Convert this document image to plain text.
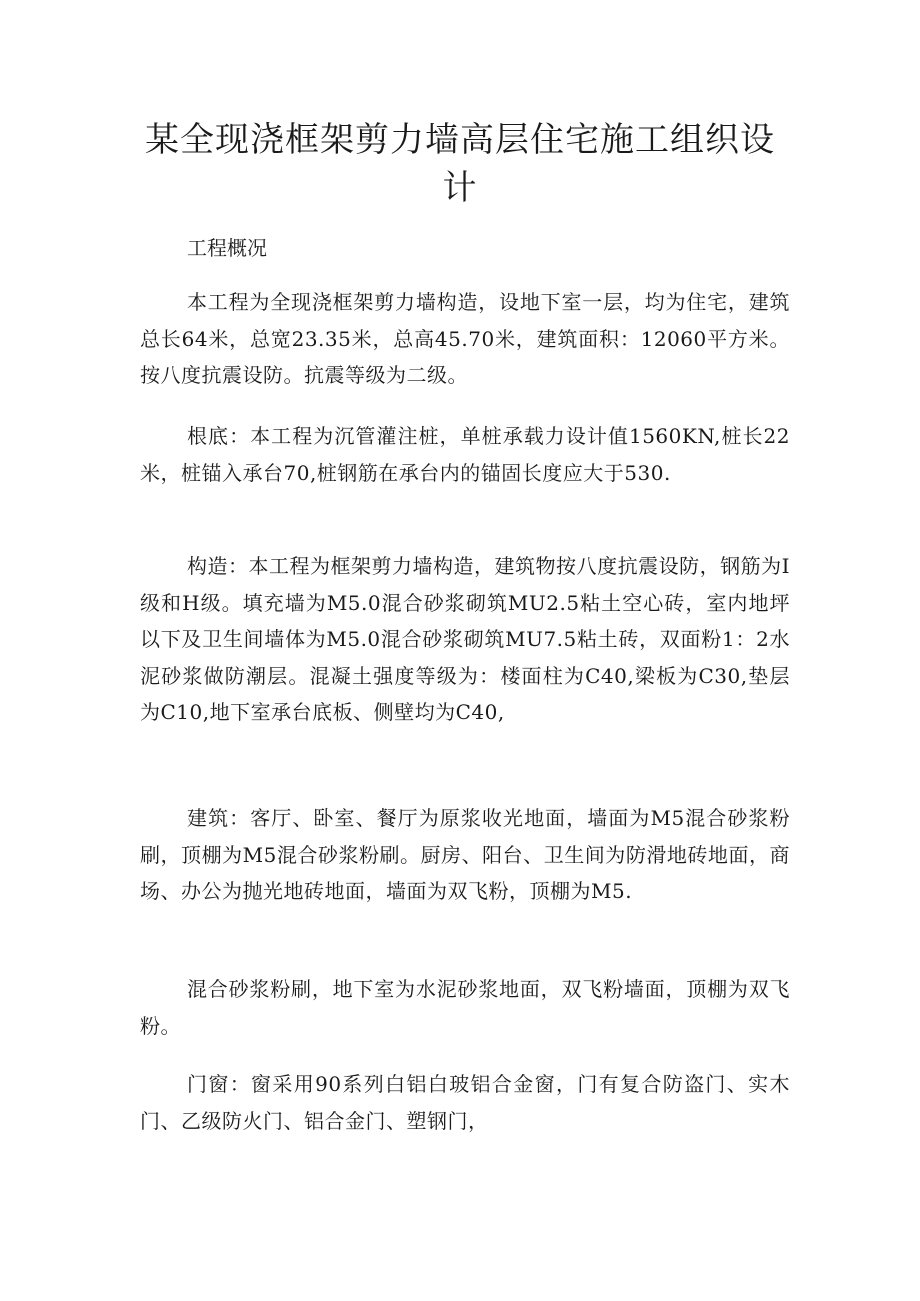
某全现浇框架剪力墙高层住宅施工组织设计
工程概况

本工程为全现浇框架剪力墙构造，设地下室一层，均为住宅，建筑总长64米，总宽23.35米，总高45.70米，建筑面积：12060平方米。按八度抗震设防。抗震等级为二级。

根底：本工程为沉管灌注桩，单桩承载力设计值1560KN,桩长22米，桩锚入承台70,桩钢筋在承台内的锚固长度应大于530.

构造：本工程为框架剪力墙构造，建筑物按八度抗震设防，钢筋为I级和H级。填充墙为M5.0混合砂浆砌筑MU2.5粘土空心砖，室内地坪以下及卫生间墙体为M5.0混合砂浆砌筑MU7.5粘土砖，双面粉1：2水泥砂浆做防潮层。混凝土强度等级为：楼面柱为C40,梁板为C30,垫层为C10,地下室承台底板、侧壁均为C40,

建筑：客厅、卧室、餐厅为原浆收光地面，墙面为M5混合砂浆粉刷，顶棚为M5混合砂浆粉刷。厨房、阳台、卫生间为防滑地砖地面，商场、办公为抛光地砖地面，墙面为双飞粉，顶棚为M5.

混合砂浆粉刷，地下室为水泥砂浆地面，双飞粉墙面，顶棚为双飞粉。

门窗：窗采用90系列白铝白玻铝合金窗，门有复合防盗门、实木门、乙级防火门、铝合金门、塑钢门，
